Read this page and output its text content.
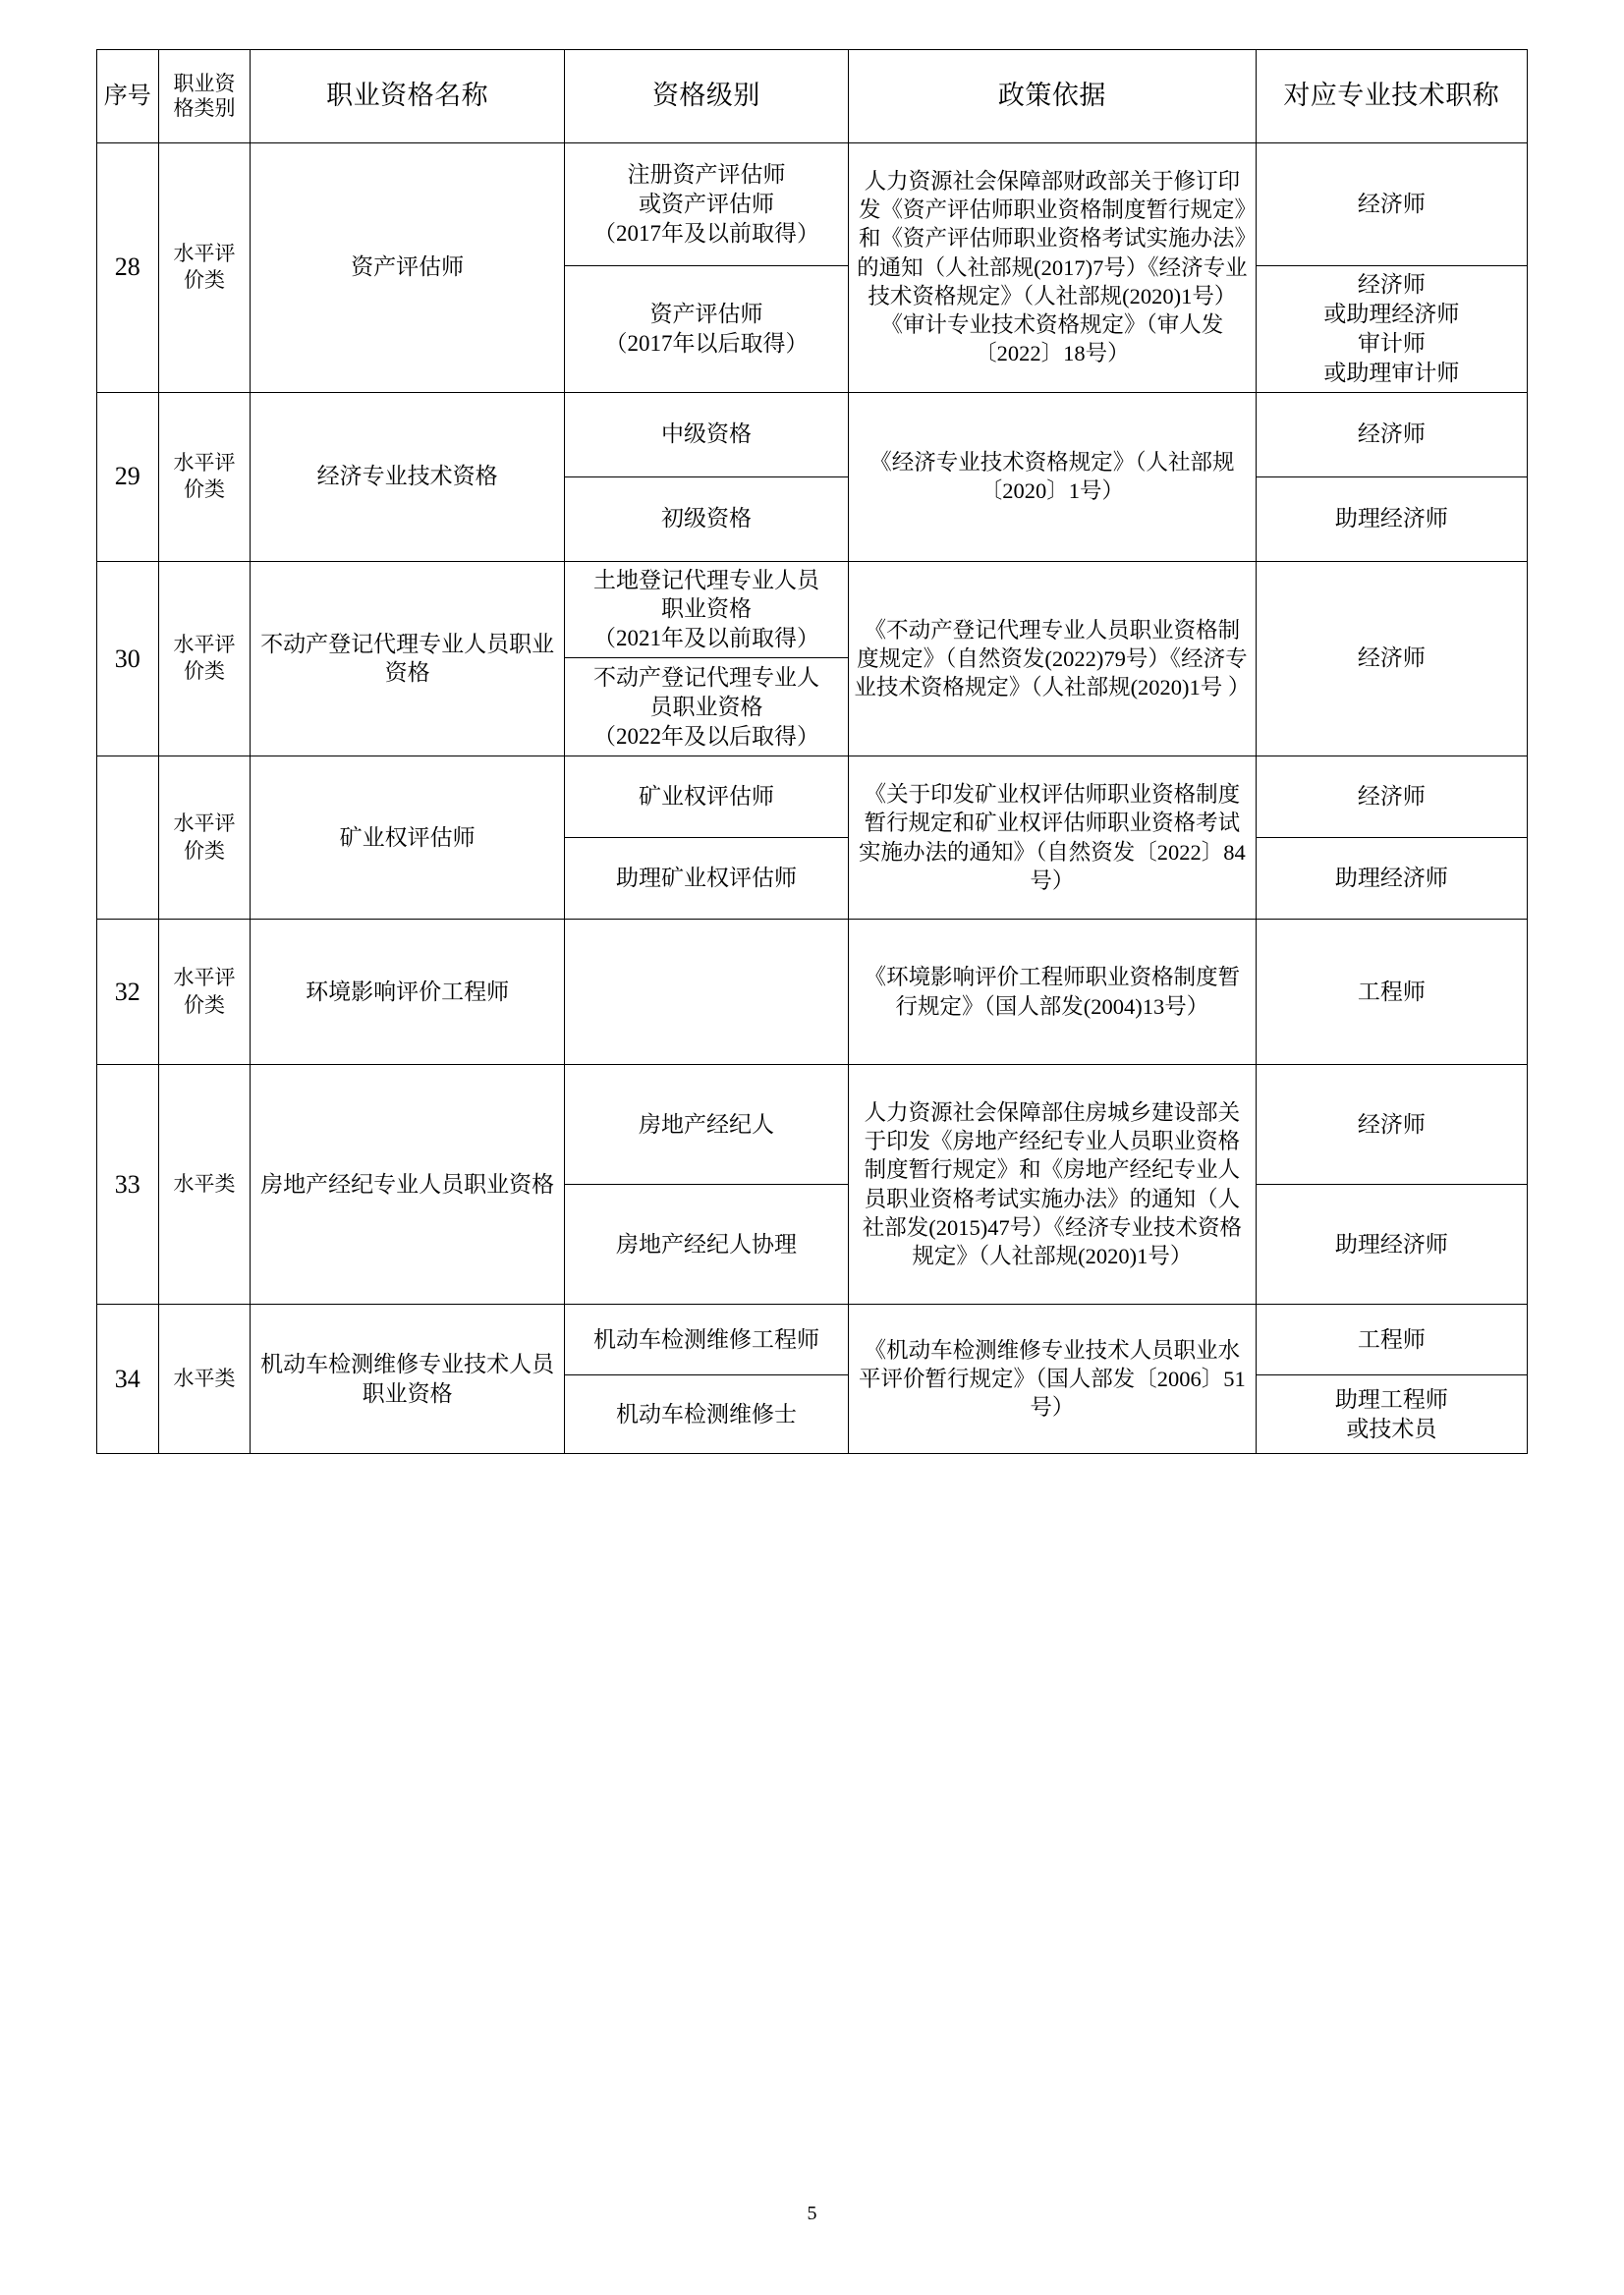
序号	职业资格类别	职业资格名称	资格级别	政策依据	对应专业技术职称
28	水平评价类	资产评估师	注册资产评估师
或资产评估师
（2017年及以前取得）	人力资源社会保障部财政部关于修订印发《资产评估师职业资格制度暂行规定》和《资产评估师职业资格考试实施办法》的通知（人社部规(2017)7号）《经济专业技术资格规定》（人社部规(2020)1号）《审计专业技术资格规定》（审人发〔2022〕18号）	经济师

			资产评估师
（2017年以后取得）		经济师
或助理经济师
审计师
或助理审计师

29	水平评价类	经济专业技术资格	中级资格	《经济专业技术资格规定》（人社部规〔2020〕1号）	经济师
			初级资格		助理经济师
30	水平评价类	不动产登记代理专业人员职业资格	土地登记代理专业人员
职业资格
（2021年及以前取得）	《不动产登记代理专业人员职业资格制度规定》（自然资发(2022)79号）《经济专业技术资格规定》（人社部规(2020)1号 ）	经济师

			不动产登记代理专业人
员职业资格
（2022年及以后取得）		

	水平评价类	矿业权评估师	矿业权评估师	《关于印发矿业权评估师职业资格制度暂行规定和矿业权评估师职业资格考试实施办法的通知》（自然资发〔2022〕84号）	经济师
			助理矿业权评估师		助理经济师
32	水平评价类	环境影响评价工程师		《环境影响评价工程师职业资格制度暂行规定》（国人部发(2004)13号）	工程师
33	水平类	房地产经纪专业人员职业资格	房地产经纪人	人力资源社会保障部住房城乡建设部关于印发《房地产经纪专业人员职业资格制度暂行规定》和《房地产经纪专业人员职业资格考试实施办法》的通知（人社部发(2015)47号）《经济专业技术资格规定》（人社部规(2020)1号）	经济师
			房地产经纪人协理		助理经济师
34	水平类	机动车检测维修专业技术人员职业资格	机动车检测维修工程师	《机动车检测维修专业技术人员职业水平评价暂行规定》（国人部发〔2006〕51号）	工程师
			机动车检测维修士		助理工程师
或技术员
5
